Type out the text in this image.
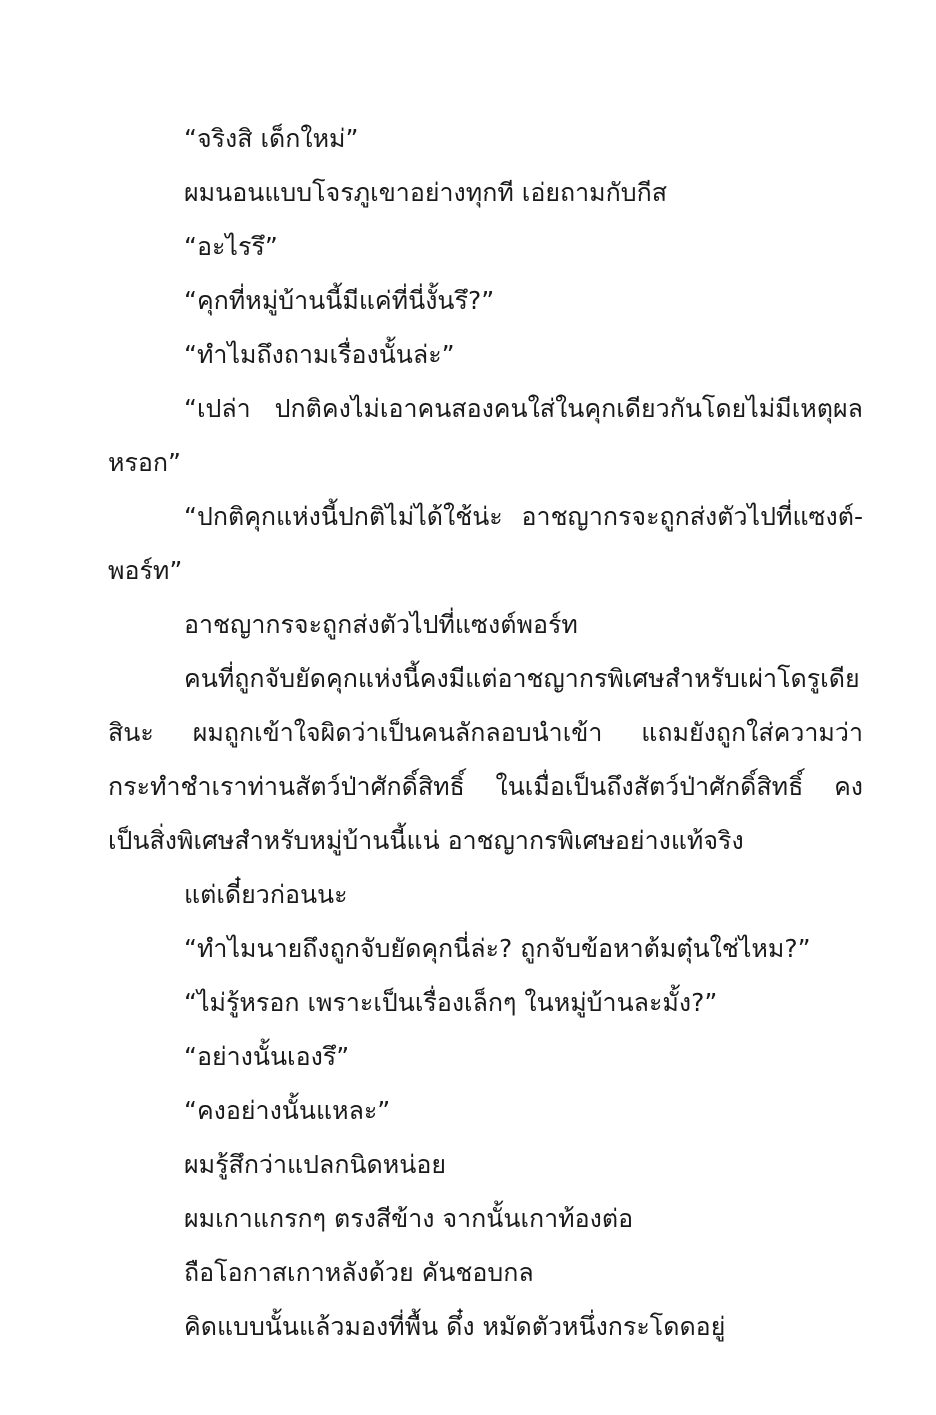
“จริงสิ เด็กใหม่”

ผมนอนแบบโจรภูเขาอย่างทุกที เอ่ยถามกับกีส

“อะไรรึ”

“คุกที่หมู่บ้านนี้มีแค่ที่นี่งั้นรึ?”

“ทำไมถึงถามเรื่องนั้นล่ะ”

“เปล่า ปกติคงไม่เอาคนสองคนใส่ในคุกเดียวกันโดยไม่มีเหตุผล

หรอก”

“ปกติคุกแห่งนี้ปกติไม่ได้ใช้น่ะ อาชญากรจะถูกส่งตัวไปที่แซงต์-

พอร์ท”

อาชญากรจะถูกส่งตัวไปที่แซงต์พอร์ท

คนที่ถูกจับยัดคุกแห่งนี้คงมีแต่อาชญากรพิเศษสำหรับเผ่าโดรูเดีย

สินะ ผมถูกเข้าใจผิดว่าเป็นคนลักลอบนำเข้า แถมยังถูกใส่ความว่า

กระทำชำเราท่านสัตว์ป่าศักดิ์สิทธิ์ ในเมื่อเป็นถึงสัตว์ป่าศักดิ์สิทธิ์ คง

เป็นสิ่งพิเศษสำหรับหมู่บ้านนี้แน่ อาชญากรพิเศษอย่างแท้จริง

แต่เดี๋ยวก่อนนะ

“ทำไมนายถึงถูกจับยัดคุกนี่ล่ะ? ถูกจับข้อหาต้มตุ๋นใช่ไหม?”

“ไม่รู้หรอก เพราะเป็นเรื่องเล็กๆ ในหมู่บ้านละมั้ง?”

“อย่างนั้นเองรึ”

“คงอย่างนั้นแหละ”

ผมรู้สึกว่าแปลกนิดหน่อย

ผมเกาแกรกๆ ตรงสีข้าง จากนั้นเกาท้องต่อ

ถือโอกาสเกาหลังด้วย คันชอบกล

คิดแบบนั้นแล้วมองที่พื้น ดึ๋ง หมัดตัวหนึ่งกระโดดอยู่
